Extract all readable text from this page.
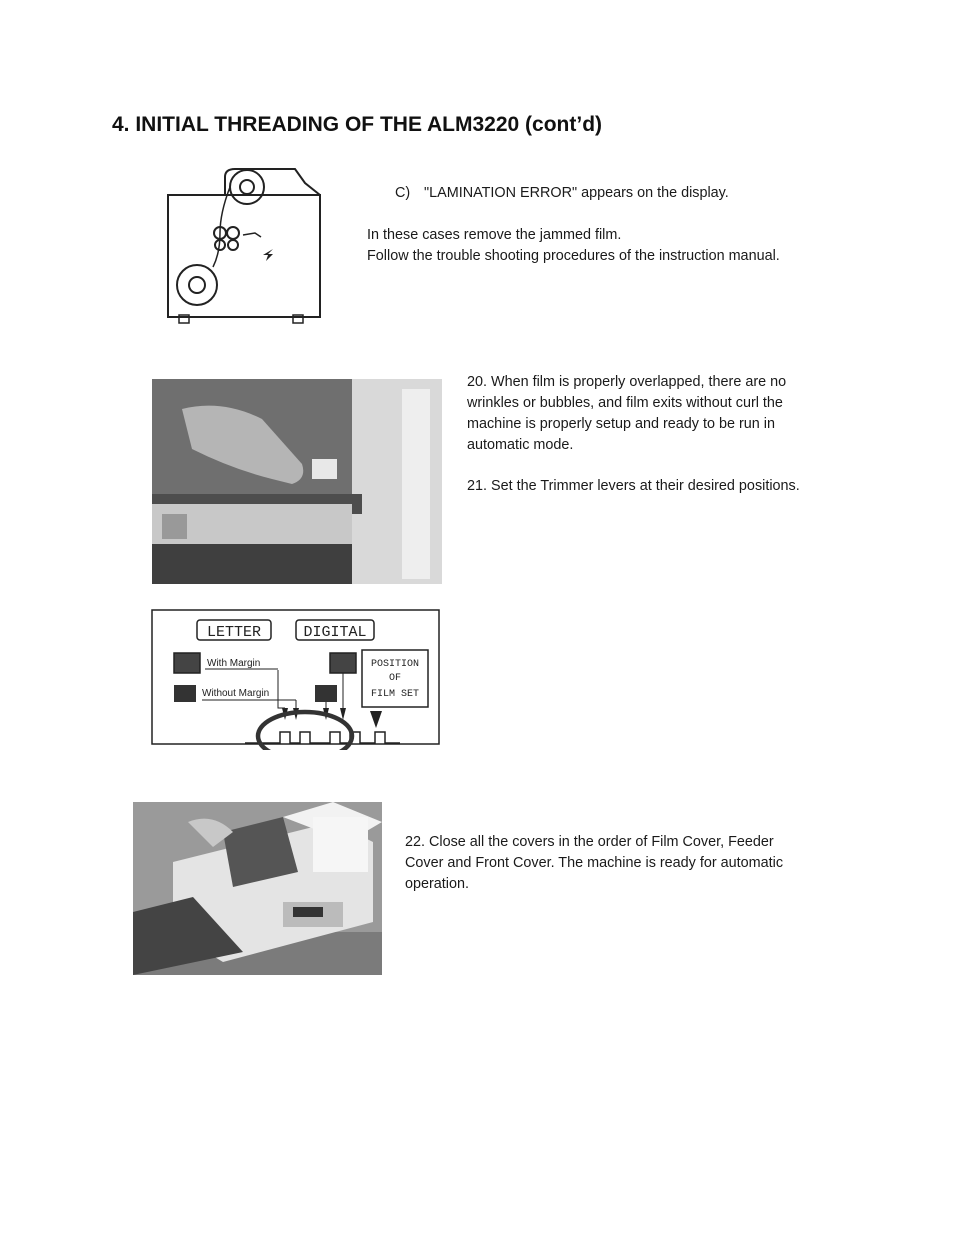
4. INITIAL THREADING OF THE ALM3220 (cont’d)
C) "LAMINATION ERROR" appears on the display.
In these cases remove the jammed film.
Follow the trouble shooting procedures of the instruction manual.
20. When film is properly overlapped, there are no
wrinkles or bubbles, and film exits without curl the
machine is properly setup and ready to be run in
automatic mode.
21. Set the Trimmer levers at their desired positions.
LETTER	DIGITAL
With Margin
Without Margin
POSITION
OF
FILM SET
22. Close all the covers in the order of Film Cover, Feeder
Cover and Front Cover. The machine is ready for automatic
operation.
